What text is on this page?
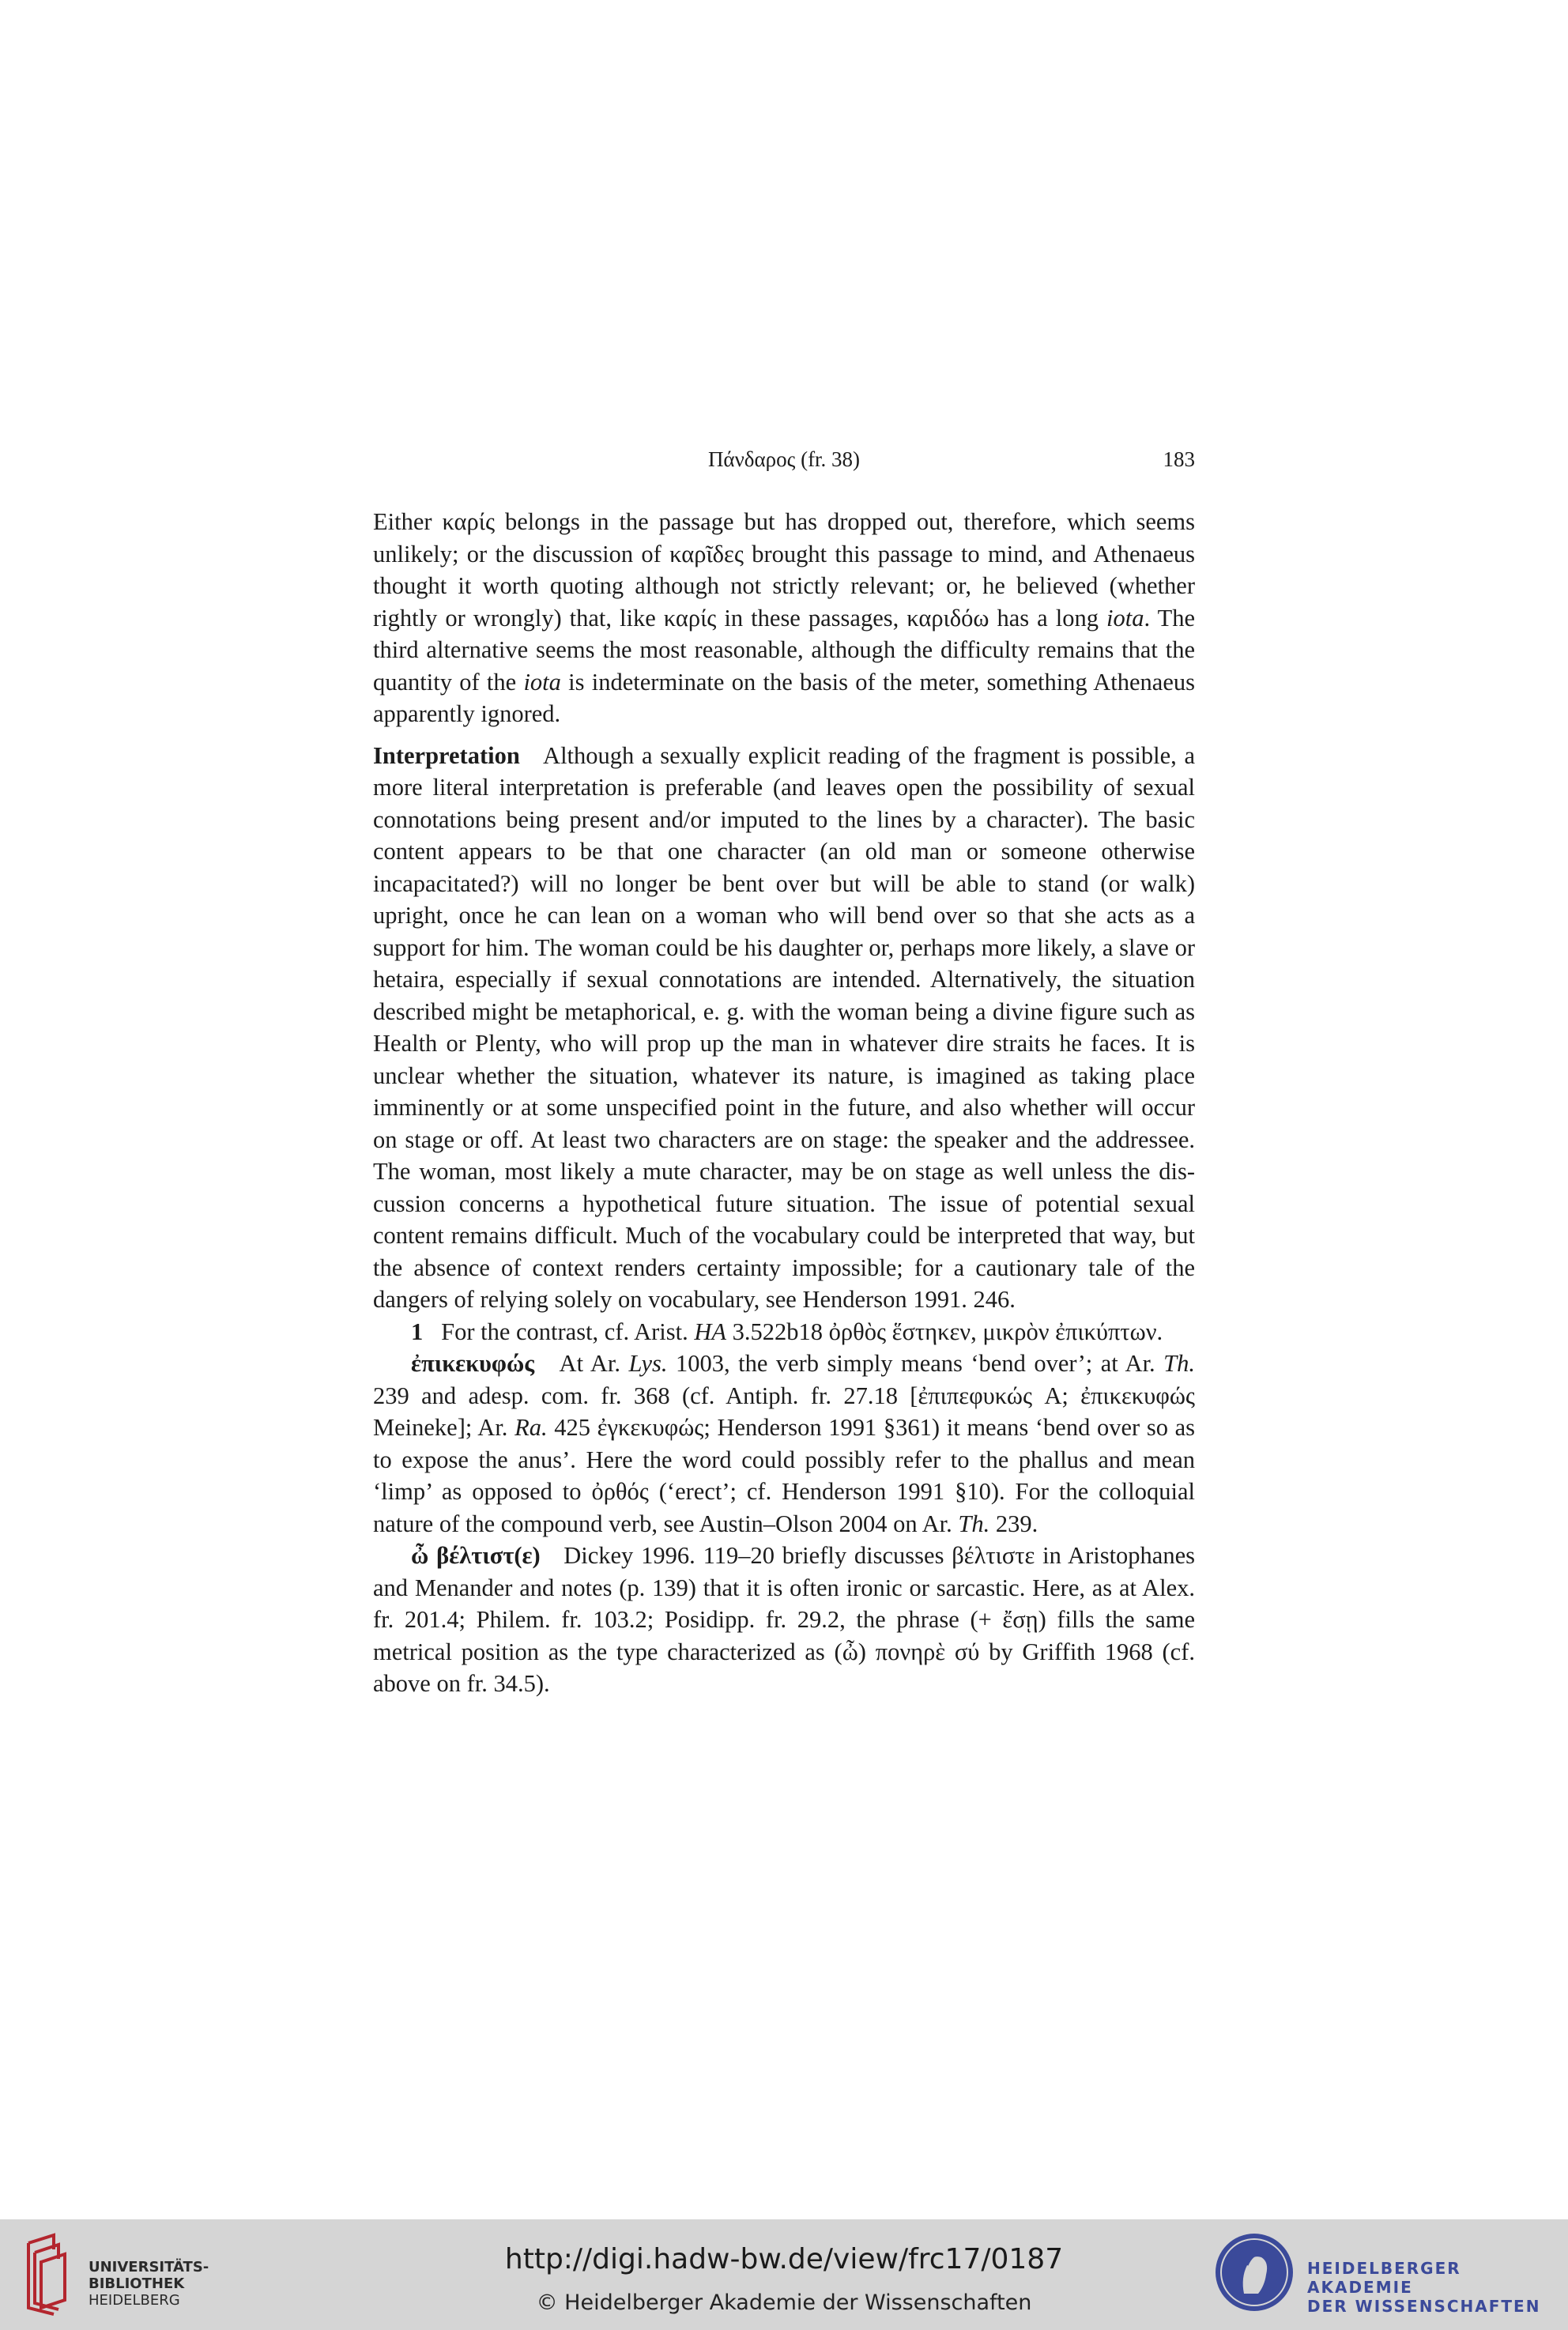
Πάνδαρος (fr. 38)	183

Either καρίς belongs in the passage but has dropped out, therefore, which seems unlikely; or the discussion of καρῖδες brought this passage to mind, and Athenaeus thought it worth quoting although not strictly relevant; or, he believed (whether rightly or wrongly) that, like καρίς in these passages, καριδόω has a long iota. The third alternative seems the most reasonable, although the difficulty remains that the quantity of the iota is indeterminate on the basis of the meter, something Athenaeus apparently ignored.

Interpretation Although a sexually explicit reading of the fragment is possible, a more literal interpretation is preferable (and leaves open the possibility of sexual connotations being present and/or imputed to the lines by a character). The basic content appears to be that one character (an old man or someone otherwise incapacitated?) will no longer be bent over but will be able to stand (or walk) upright, once he can lean on a woman who will bend over so that she acts as a support for him. The woman could be his daughter or, perhaps more likely, a slave or hetaira, especially if sexual connotations are intended. Alternatively, the situation described might be metaphorical, e. g. with the woman being a divine figure such as Health or Plenty, who will prop up the man in whatever dire straits he faces. It is unclear whether the situation, whatever its nature, is imagined as taking place imminently or at some unspecified point in the future, and also whether will occur on stage or off. At least two characters are on stage: the speaker and the addressee. The woman, most likely a mute character, may be on stage as well unless the discussion concerns a hypothetical future situation. The issue of potential sexual content remains difficult. Much of the vocabulary could be interpreted that way, but the absence of context renders certainty impossible; for a cautionary tale of the dangers of relying solely on vocabulary, see Henderson 1991. 246.

1 For the contrast, cf. Arist. HA 3.522b18 ὀρθὸς ἕστηκεν, μικρὸν ἐπικύπτων.

ἐπικεκυφώς At Ar. Lys. 1003, the verb simply means ‘bend over’; at Ar. Th. 239 and adesp. com. fr. 368 (cf. Antiph. fr. 27.18 [ἐπιπεφυκώς A; ἐπικεκυφώς Meineke]; Ar. Ra. 425 ἐγκεκυφώς; Henderson 1991 §361) it means ‘bend over so as to expose the anus’. Here the word could possibly refer to the phallus and mean ‘limp’ as opposed to ὀρθός (‘erect’; cf. Henderson 1991 §10). For the colloquial nature of the compound verb, see Austin–Olson 2004 on Ar. Th. 239.

ὦ βέλτιστ(ε) Dickey 1996. 119–20 briefly discusses βέλτιστε in Aristophanes and Menander and notes (p. 139) that it is often ironic or sarcastic. Here, as at Alex. fr. 201.4; Philem. fr. 103.2; Posidipp. fr. 29.2, the phrase (+ ἔσῃ) fills the same metrical position as the type characterized as (ὦ) πονηρὲ σύ by Griffith 1968 (cf. above on fr. 34.5).

UNIVERSITÄTS-
BIBLIOTHEK
HEIDELBERG
http://digi.hadw-bw.de/view/frc17/0187
© Heidelberger Akademie der Wissenschaften
HEIDELBERGER AKADEMIE
DER WISSENSCHAFTEN
